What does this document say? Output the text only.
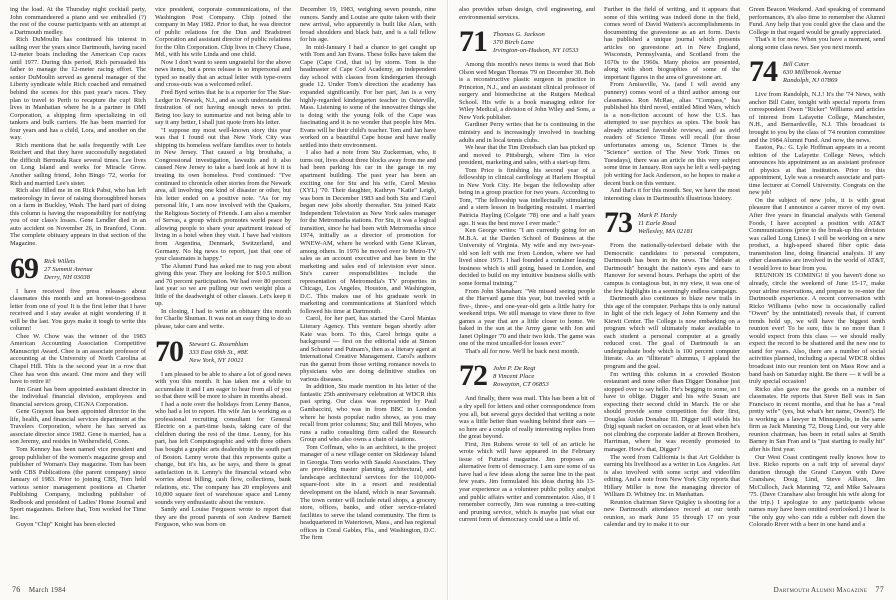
ing the load. At the Thursday night cocktail party, John commandeered a piano and we enthralled (?) the rest of the course participants with an attempt at a Dartmouth medley.

Rich DuMoulin has continued his interest in sailing over the years since Dartmouth, having raced 12-meter boats including the American Cup races until 1977. During this period, Rich persuaded his father to manage the 12-meter racing effort. The senior DuMoulin served as general manager of the Liberty syndicate while Rich coached and remained behind the scenes for this past year's races. They plan to travel to Perth to recapture the cup! Rich lives in Manhattan where he is a partner in OMI Corporation, a shipping firm specializing in oil tankers and bulk carriers. He has been married for four years and has a child, Lora, and another on the way.

Rich mentions that he sails frequently with Lee Reichert and that they have successfully negotiated the difficult Bermuda Race several times. Lee lives on Long Island and works for Miracle Grow. Another sailing friend, John Bingo '72, works for Rich and married Lee's sister.

Rich also filled me in on Rick Pabst, who has left meteorology in favor of raising thoroughbred horses on a farm in Buckley, Wash. The hard part of doing this column is having the responsibility for notifying you of our class's losses. Gene Lendler died in an auto accident on November 26, in Branford, Conn. The complete obituary appears in that section of the Magazine.

69 Rick Willets
27 Summit Avenue
Derry, NH 03038

I have received five press releases about classmates this month and an honest-to-goodness letter from one of you! It is the first letter that I have received and I stay awake at night wondering if it will be the last. You guys make it tough to write this column!

Chee W. Chow was the winner of the 1983 American Accounting Association Competitive Manuscript Award. Chee is an associate professor of accounting at the University of North Carolina at Chapel Hill. This is the second year in a row that Chee has won this award. One more and they will have to retire it!

Jim Grant has been appointed assistant director in the individual financial division, employees and financial services group, CIGNA Corporation.

Gene Grayson has been appointed director in the life, health, and financial services department at the Travelers Corporation, where he has served as associate director since 1982. Gene is married, has a son Jeremy, and resides in Wethersfield, Conn.

Tom Kenney has been named vice president and group publisher of the women's magazine group and publisher of Woman's Day magazine. Tom has been with CBS Publications (the parent company) since January of 1983. Prior to joining CBS, Tom held various senior management positions at Charter Publishing Company, including publisher of Redbook and president of Ladies' Home Journal and Sport magazines. Before that, Tom worked for Time Inc.

Guyon "Chip" Knight has been elected

vice president, corporate communications, of the Washington Post Company. Chip joined the company in May 1982. Prior to that, he was director of public relations for the Dun and Bradstreet Corporation and assistant director of public relations for the Olin Corporation. Chip lives in Chevy Chase, Md., with his wife Linda and one child.

Now I don't want to seem ungrateful for the above news items, but a press release is so impersonal and typed so neatly that an actual letter with type-overs and cross-outs was a welcomed relief.

Fred Byrd writes that he is a reporter for The Star-Ledger in Newark, N.J., and as such understands the frustration of not having enough news to print. Being too lazy to summarize and not being able to say it any better, I shall just quote from his letter.

"I suppose my most well-known story this year was that I found out that New York City was shipping its homeless welfare families over to hotels in New Jersey. That caused a big brouhaha, a Congressional investigation, lawsuits and it also caused New Jersey to take a hard look at how it is treating its own homeless. Fred continued: "I've continued to chronicle other stories from the Newark area, all involving one kind of disaster or other, but his letter ended on a positive note. "As for my personal life, I am now involved with the Quakers, the Religious Society of Friends. I am also a member of Servas, a group which promotes world peace by allowing people to share your apartment instead of living in a hotel when they visit. I have had visitors from Argentina, Denmark, Switzerland, and Germany. No big news to report, just that one of your classmates is happy."

The Alumni Fund has asked me to nag you about giving this year. They are looking for $10.5 million and 70 percent participation. We had over 80 percent last year so we are pulling our own weight plus a little of the deadweight of other classes. Let's keep it up.

In closing, I had to write an obituary this month for Charlie Shuman. It was not an easy thing to do so please, take care and write.

70 Stewart G. Rosenblum
333 East 69th St., #8E
New York, NY 10021

I am pleased to be able to share a lot of good news with you this month. It has taken me a while to accumulate it and I am eager to hear from all of you so that there will be more to share in months ahead.

I had a note over the holidays from Lenny Banos, who had a lot to report. His wife Jan is working as a professional recruiting consultant for General Electric on a part-time basis, taking care of the children during the rest of the time. Lenny, for his part, has left Computographic and with three others has bought a graphic arts dealership in the south part of Boston. Lenny wrote that this represents quite a change, but it's his, as he says, and there is great satisfaction in it. Lenny's the financial wizard who worries about billing, cash flow, collections, bank relations, etc. The company has 20 employees and 10,000 square feet of warehouse space and Lenny sounds very enthusiastic about the venture.

Sandy and Louise Ferguson wrote to report that they are the proud parents of son Andrew Barnett Ferguson, who was born on

December 19, 1983, weighing seven pounds, nine ounces. Sandy and Louise are quite taken with their new arrival, who apparently is built like Alan, with broad shoulders and black hair, and is a tall fellow for his age.

In mid-January I had a chance to get caught up with Tom and Jan Evans. These folks have taken the Cape (Cape Cod, that is) by storm. Tom is the headmaster of Cape Cod Academy, an independent day school with classes from kindergarten through grade 12. Under Tom's direction the academy has expanded significantly. For her part, Jan is a very highly-regarded kindergarten teacher in Osterville, Mass. Listening to some of the innovative things she is doing with the young folk of the Cape was fascinating and it is no wonder that people hire Mrs. Evans will be their child's teacher. Tom and Jan have worked on a beautiful Cape house and have really settled into their environment.

I also had a note from Stu Zuckerman, who, it turns out, lives about three blocks away from me and had been parking his car in the garage in my apartment building. The past year has been an exciting one for Stu and his wife, Carol Mesiss (XYL) '70. Their daughter, Kathryn "Katie" Leigh, was born in December 1983 and both Stu and Carol began new jobs shortly thereafter. Stu joined Katz Independent Television as New York sales manager for the Metromedia stations. For Stu, it was a logical transition, since he had been with Metromedia since 1974, initially as a director of promotion for WNEW-AM, where he worked with Gene Klavan, among others. In 1976 he moved over to Metro-TV sales as an account executive and has been in the marketing and sales end of television ever since. Stu's career responsibilities include the representation of Metromedia's TV properties in Chicago, Los Angeles, Houston, and Washington, D.C. This makes use of his graduate work in marketing and communications at Stanford which followed his time at Dartmouth.

Carol, for her part, has started the Carol Manias Literary Agency. This venture began shortly after Kate was born. To this, Carol brings quite a background — first on the editorial side at Simon and Schuster and Putnam's, then as a literary agent at International Creative Management. Carol's authors run the gamut from those writing romance novels to physicians who are doing definitive studies on various diseases.

In addition, Stu made mention in his letter of the fantastic 25th anniversary celebration at WDCR this past spring. Our class was represented by Paul Gambaccini, who was in from BBC in London where he hosts popular radio shows, as you may recall from prior columns; Stu; and Bill Moyes, who runs a radio consulting firm called the Research Group and who also owns a chain of stations.

Tom Coffman, who is an architect, is the project manager of a new village center on Skidaway Island in Georgia. Tom works with Sasaki Associates. They are providing master planning, architectural, and landscape architectural services for the 110,000-square-foot site in a resort and residential development on the island, which is near Savannah. The town center will include retail shops, a grocery store, offices, banks, and other service-related facilities to serve the island community. The firm is headquartered in Watertown, Mass., and has regional offices in Coral Gables, Fla., and Washington, D.C. The firm

76 March 1984

also provides urban design, civil engineering, and environmental services.

71 Thomas G. Jackson
370 Birch Lane
Irvington-on-Hudson, NY 10533

Among this month's news items is word that Bob Olson wed Megan Thomas '79 on December 30. Bob is a reconstructive plastic surgeon in practice in Princeton, N.J., and an assistant clinical professor of surgery and biomedicine at the Rutgers Medical School. His wife is a book managing editor for Wiley Medical, a division of John Wiley and Sons, a New York publisher.

Gardiner Perry writes that he is continuing in the ministry and is increasingly involved in teaching adults and in local tennis clubs.

We hear that the Tim Dreisbach clan has picked up and moved to Pittsburgh, where Tim is vice president, marketing and sales, with a start-up firm.

Tom Price is finishing his second year of a fellowship in clinical cardiology at Harlem Hospital in New York City. He began the fellowship after being in a group practice for two years. According to Tom, "The fellowship was intellectually stimulating and a stern lesson in budgeting restraint. I married Patricia Hayling (Colgate '78) one and a half years ago. It was the best move I ever made."

Ken George writes: "I am currently going for an M.B.A. at the Darden School of Business at the University of Virginia. My wife and my two-year-old son left with me from London, where we had lived since 1975. I had founded a container leasing business which is still going, based in London, and decided to build on my intuitive business skills with some formal training."

From John Shanahan: "We missed seeing people at the Harvard game this year, but traveled with a five-, three-, and one-year-old gets a little hairy for weekend trips. We still manage to view three to five games a year that are a little closer to home. We baked in the sun at the Army game with Jon and Janet Oplinger '70 and their two kids. The game was one of the most uncalled-for losses ever."

That's all for now. We'll be back next month.

72 John P. De Regt
8 Vincent Place
Rowayton, CT 06853

And finally, there was mail. This has been a bit of a dry spell for letters and other correspondence from you all, but several guys decided that writing a note was a little better than washing behind their ears — so here are a couple of really interesting replies from the great beyond.

First, Jim Rubens wrote to tell of an article he wrote which will have appeared in the February issue of Futurist magazine. Jim proposes an alternative form of democracy. I am sure some of us have had a few ideas along the same line in the past few years. Jim formulated his ideas during his 13-year experience as a volunteer public policy analyst and public affairs writer and commentator. Also, if I remember correctly, Jim was running a tree-cutting and pruning service, which is maybe just what our current form of democracy could use a little of.

Further in the field of writing, and it appears that some of this writing was indeed done in the field, comes word of David Watters's accomplishments in documenting the gravestone as an art form. Davis has published a unique journal which presents articles on gravestone art in New England, Wisconsin, Pennsylvania, and Scotland from the 1670s to the 1960s. Many photos are presented, along with short biographies of some of the important figures in the area of gravestone art.

From Amissville, Va. (and I will avoid any punnery) comes word of a third author among our classmates. Ron McRae, alias "Compass," has published his third novel, entitled Mind Wars, which is a non-fiction account of how the U.S. has attempted to use psychics as spies. The book has already attracted favorable reviews, and as avid readers of Science Times will recall (for those unfortunates among us, Science Times is the "Science" section of The New York Times on Tuesdays), there was an article on this very subject some time in January. Ron says he left a well-paying job writing for Jack Anderson, so he hopes to make a decent buck on this venture.

And that's it for this month. See, we have the most interesting class in Dartmouth's illustrious history.

73 Mark P. Hardy
11 Earle Road
Wellesley, MA 02181

From the nationally-televised debate with the Democratic candidates to personal computers, Dartmouth has been in the news. The "debate at Dartmouth" brought the nation's eyes and ears to Hanover for several hours. Perhaps the spirit of the campus is contagious but, in my view, it was one of the few highlights in a seemingly endless campaign.

Dartmouth also continues to blaze new trails in this age of the computer. Perhaps this is only natural in light of the rich legacy of John Kemeny and the Kiewit Center. The College is now embarking on a program which will ultimately make available to each student a personal computer at a greatly reduced cost. The goal of Dartmouth is an undergraduate body which is 100 percent computer literate. As an "illiterate" alumnus, I applaud the program and the goal.

I'm writing this column in a crowded Boston restaurant and none other than Digger Donahue just stopped over to say hello. He's begging to some, so I have to oblige. Digger and his wife Susan are expecting their second child in March. He or she should provide some competition for their first, Douglas Aidan Donahue III. Digger still wields his (big) squash racket on occasion, or at least when he's not climbing the corporate ladder at Brown Brothers, Harriman, where he was recently promoted to manager. How's that, Digger?

The word from California is that Art Goldsher is earning his livelihood as a writer in Los Angeles. Art is also involved with some script and videofilm editing. And a note from New York City reports that Hillary Miller is now the managing director of William D. Whitney Inc. in Manhattan.

Reunion chairman Steve Quigley is shooting for a new Dartmouth attendance record at our tenth reunion, so mark June 15 through 17 on your calendar and try to make it to our

Green Beacon Weekend. And speaking of command performances, it's also time to remember the Alumni Fund. Any help that you could give the class and the College in that regard would be greatly appreciated.

That's it for now. When you have a moment, send along some class news. See you next month.

74 Bill Cater
630 Millbrook Avenue
Randolph, NJ 07869

Live from Randolph, N.J.! It's the '74 News, with anchor Bill Cater, tonight with special reports from correspondent Owen "Ricker" Williams and articles of interest from Lafayette College, Manchester, N.H., and Bernardsville, N.J. This broadcast is brought to you by the class of '74 reunion committee and the 1984 Alumni Fund. And now, the news.

Easton, Pa.: G. Lyle Hoffman appears in a recent edition of the Lafayette College News, which announces his appointment as an assistant professor of physics at that institution. Prior to this appointment, Lyle was a research associate and part-time lecturer at Cornell University. Congrats on the new job!

On the subject of new jobs, it is with great pleasure that I announce a career move of my own. After five years in financial analysis with General Foods, I have accepted a position with AT&T Communications (prior to the break-up this division was called Long Lines). I will be working on a new product, a high-speed shared fiber optic data transmission line, doing financial analysis. If any other classmates are involved in the world of AT&T, I would love to hear from you.

REUNION IS COMING! If you haven't done so already, circle the weekend of June 15-17, make your airline reservations, and prepare to re-enter the Dartmouth experience. A recent conversation with Ricko Williams (who now is occasionally called "Owen" by the uninitiated) reveals that, if current trends hold up, we will have the biggest tenth reunion ever! To be sure, this is no more than I would expect from this class — we should really expect the record to be shattered and the new one to stand for years. Also, there are a number of social activities planned, including a special WDCR oldies broadcast into our reunion tent on Mass Row and a band bash on Saturday night. Be there — it will be a truly special occasion!

Ricko also gave me the goods on a number of classmates. He reports that Steve Bell was in San Francisco in recent months, and that he has a "real pretty wife" (yes, but what's her name, Owen?). He is working as a lawyer in Minneapolis, in the same firm as Jack Manning '72, Doug Lind, our very able reunion chairman, has been in retail sales at Smith Barney in San Fran and is "just starting to really hit" after his first year.

Our West Coast contingent really knows how to live. Ricko reports on a raft trip of several days' duration through the Grand Canyon with Dave Cranshaw, Doug Lind, Steve Allison, Jim McCulloch, Jack Manning '72, and Mike Salvaara '75. (Dave Cranshaw also brought his wife along for the trip.) I apologize to any participants whose names may have been omitted overlooked.) I hear is "the only guy who can ride a rubber raft down the Colorado River with a beer in one hand and a

Dartmouth Alumni Magazine 77
